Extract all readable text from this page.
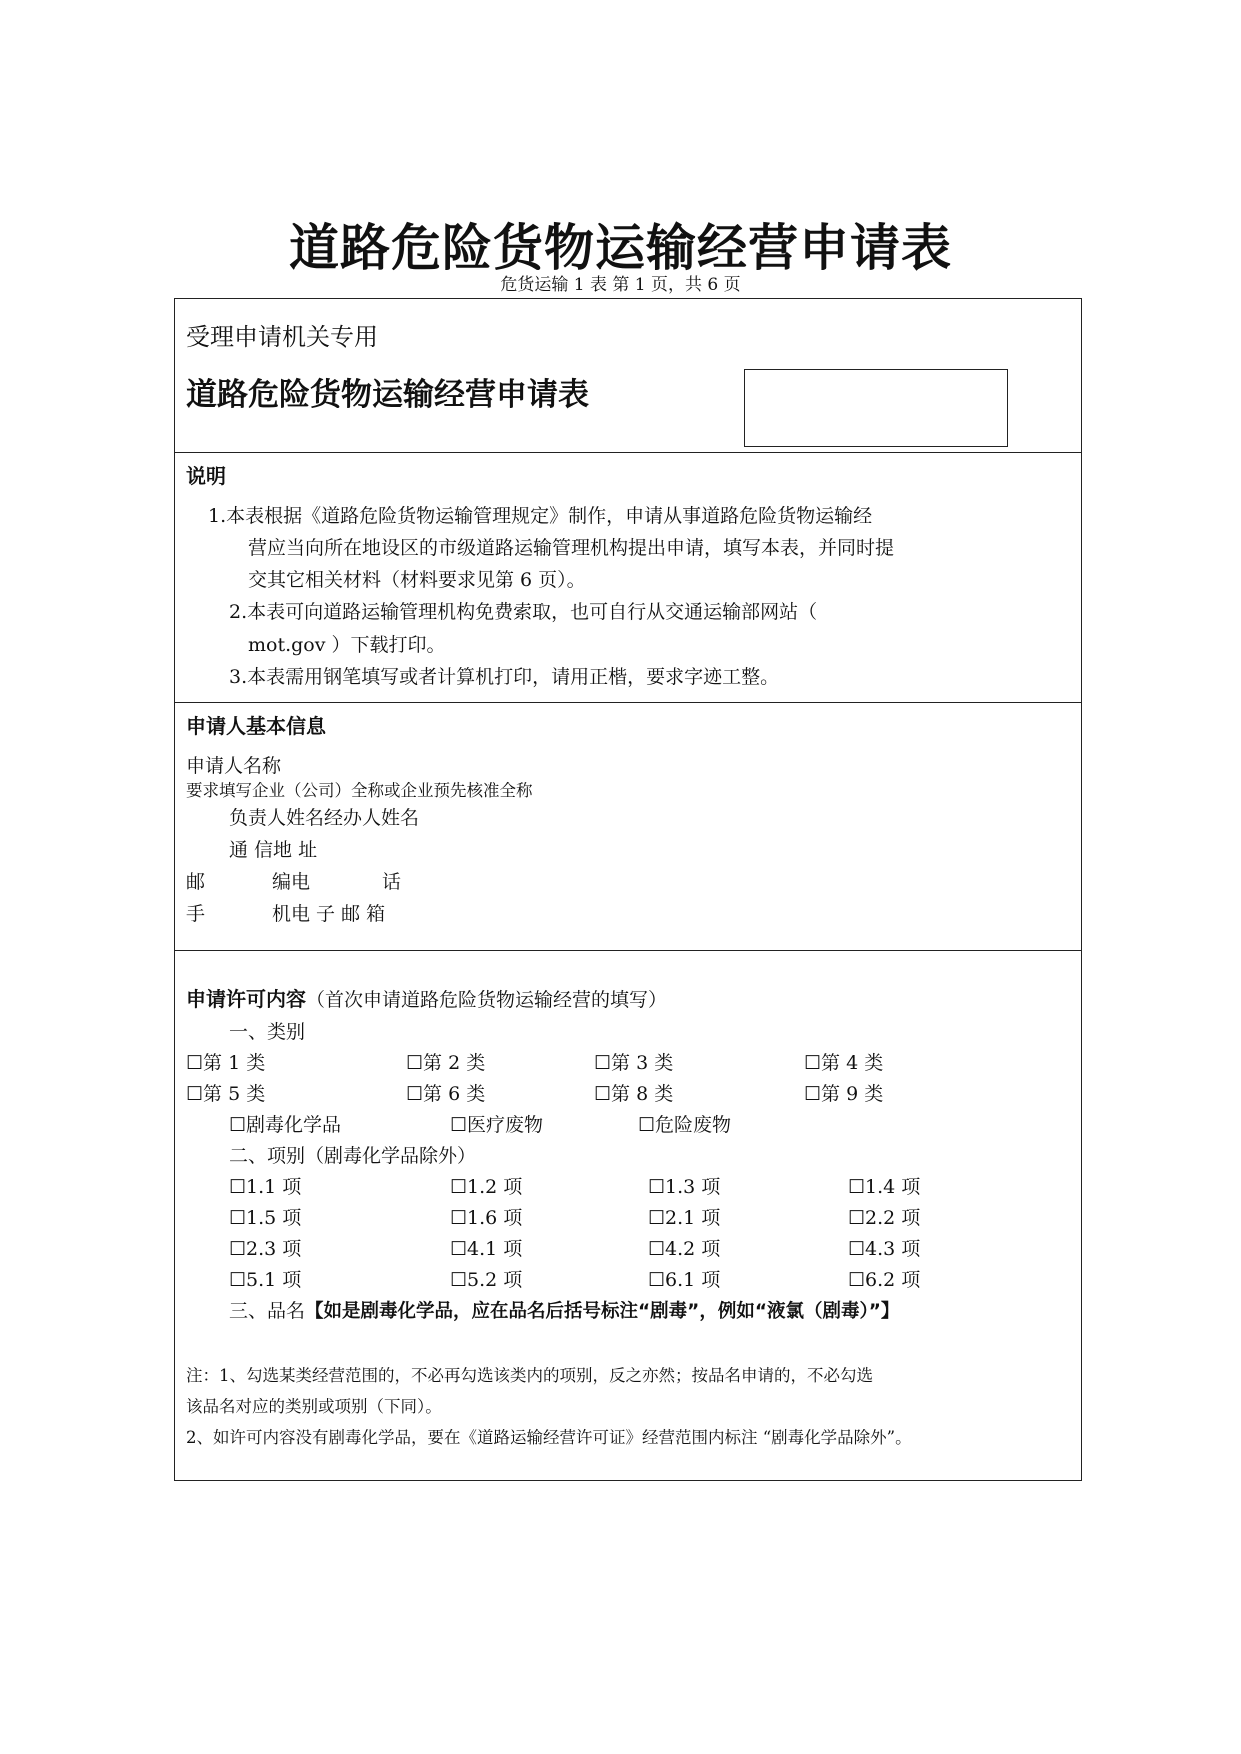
道路危险货物运输经营申请表
危货运输 1 表 第 1 页，共 6 页
受理申请机关专用
道路危险货物运输经营申请表
说明
1.本表根据《道路危险货物运输管理规定》制作，申请从事道路危险货物运输经
营应当向所在地设区的市级道路运输管理机构提出申请，填写本表，并同时提
交其它相关材料（材料要求见第 6 页）。
2.本表可向道路运输管理机构免费索取，也可自行从交通运输部网站（
mot.gov ）下载打印。
3.本表需用钢笔填写或者计算机打印，请用正楷，要求字迹工整。
申请人基本信息
申请人名称
要求填写企业（公司）全称或企业预先核准全称
负责人姓名经办人姓名
通 信地 址
邮	编电	话
手	机电 子 邮 箱
申请许可内容（首次申请道路危险货物运输经营的填写）
一、类别
☐ 第 1 类	☐ 第 2 类	☐ 第 3 类	☐ 第 4 类
☐ 第 5 类	☐ 第 6 类	☐ 第 8 类	☐ 第 9 类
☐ 剧毒化学品	☐ 医疗废物	☐ 危险废物
二、项别（剧毒化学品除外）
☐ 1.1 项	☐ 1.2 项	☐ 1.3 项	☐ 1.4 项
☐ 1.5 项	☐ 1.6 项	☐ 2.1 项	☐ 2.2 项
☐ 2.3 项	☐ 4.1 项	☐ 4.2 项	☐ 4.3 项
☐ 5.1 项	☐ 5.2 项	☐ 6.1 项	☐ 6.2 项
三、品名【如是剧毒化学品，应在品名后括号标注“剧毒”，例如“液氯（剧毒）”】
注：1、勾选某类经营范围的，不必再勾选该类内的项别，反之亦然；按品名申请的，不必勾选
该品名对应的类别或项别（下同）。
2、如许可内容没有剧毒化学品，要在《道路运输经营许可证》经营范围内标注 “剧毒化学品除外”。
